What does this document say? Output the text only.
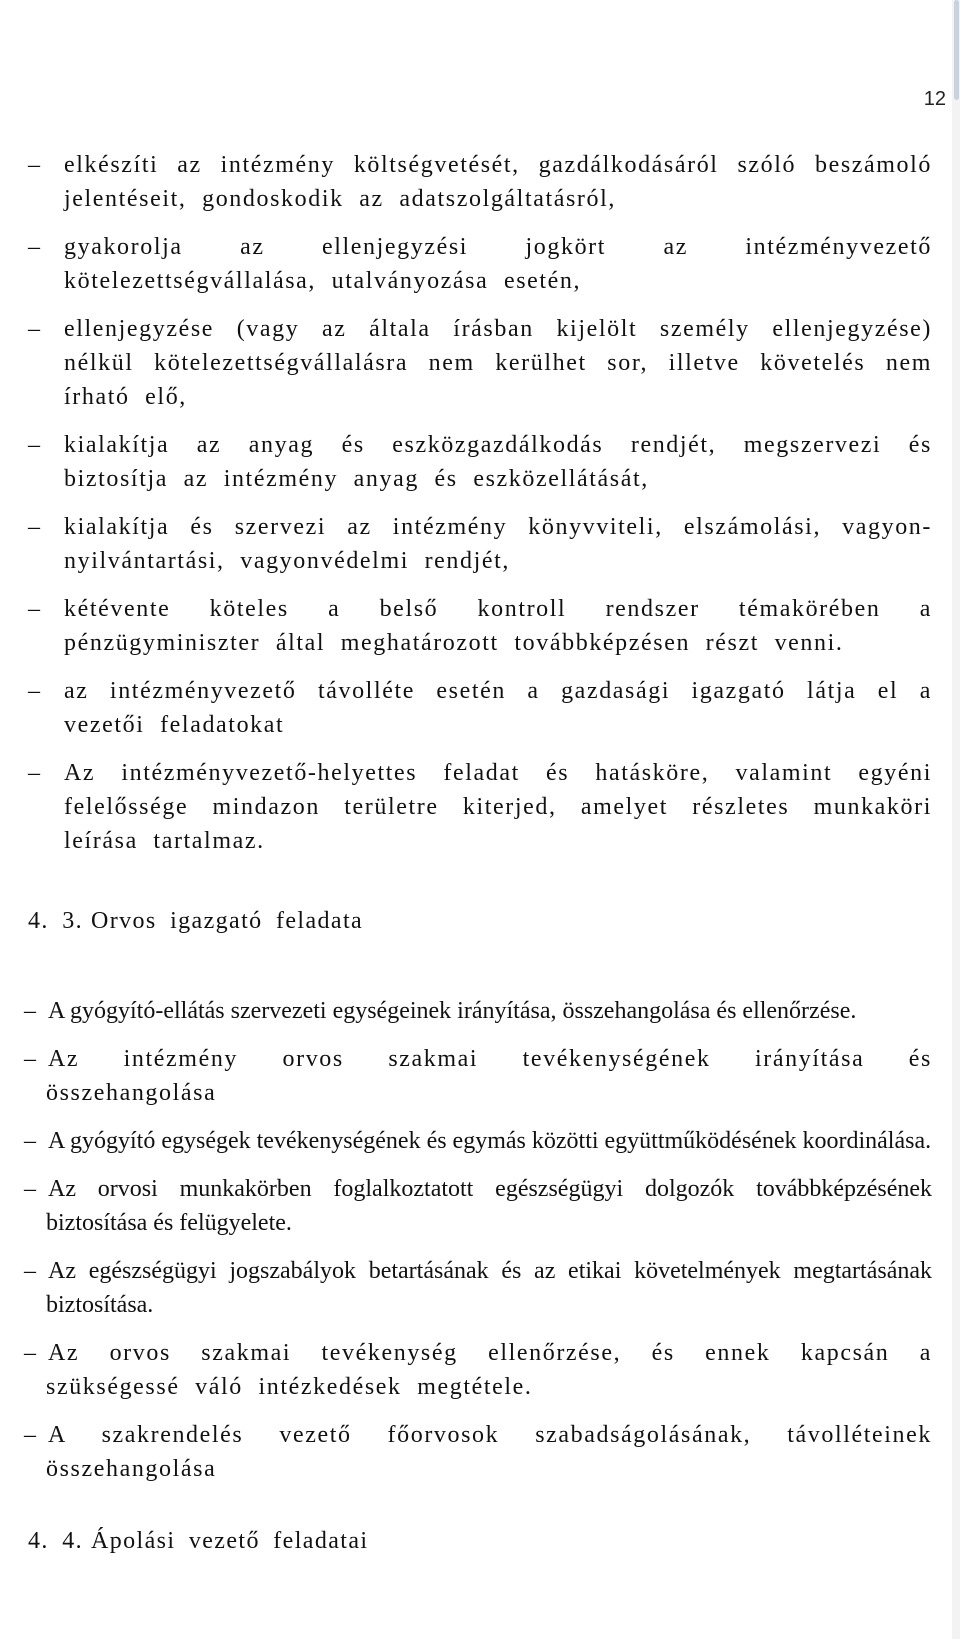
12
– elkészíti az intézmény költségvetését, gazdálkodásáról szóló beszámoló jelentéseit, gondoskodik az adatszolgáltatásról,
– gyakorolja az ellenjegyzési jogkört az intézményvezető kötelezettségvállalása, utalványozása esetén,
– ellenjegyzése (vagy az általa írásban kijelölt személy ellenjegyzése) nélkül kötelezettségvállalásra nem kerülhet sor, illetve követelés nem írható elő,
– kialakítja az anyag és eszközgazdálkodás rendjét, megszervezi és biztosítja az intézmény anyag és eszközellátását,
– kialakítja és szervezi az intézmény könyvviteli, elszámolási, vagyon-nyilvántartási, vagyonvédelmi rendjét,
– kétévente köteles a belső kontroll rendszer témakörében a pénzügyminiszter által meghatározott továbbképzésen részt venni.
– az intézményvezető távolléte esetén a gazdasági igazgató látja el a vezetői feladatokat
– Az intézményvezető-helyettes feladat és hatásköre, valamint egyéni felelőssége mindazon területre kiterjed, amelyet részletes munkaköri leírása tartalmaz.
4. 3. Orvos igazgató feladata
– A gyógyító-ellátás szervezeti egységeinek irányítása, összehangolása és ellenőrzése.
– Az intézmény orvos szakmai tevékenységének irányítása és összehangolása
– A gyógyító egységek tevékenységének és egymás közötti együttműködésének koordinálása.
– Az orvosi munkakörben foglalkoztatott egészségügyi dolgozók továbbképzésének biztosítása és felügyelete.
– Az egészségügyi jogszabályok betartásának és az etikai követelmények megtartásának biztosítása.
– Az orvos szakmai tevékenység ellenőrzése, és ennek kapcsán a szükségessé váló intézkedések megtétele.
– A szakrendelés vezető főorvosok szabadságolásának, távolléteinek összehangolása
4. 4. Ápolási vezető feladatai
